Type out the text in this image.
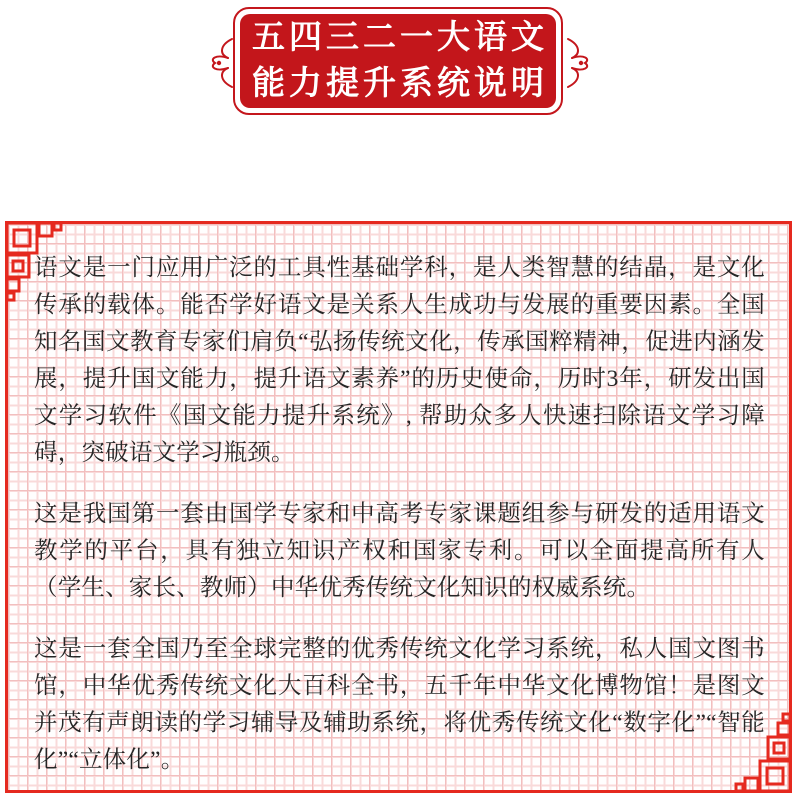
五四三二一大语文
能力提升系统说明

语文是一门应用广泛的工具性基础学科，是人类智慧的结晶，是文化传承的载体。能否学好语文是关系人生成功与发展的重要因素。全国知名国文教育专家们肩负“弘扬传统文化，传承国粹精神，促进内涵发展，提升国文能力，提升语文素养”的历史使命，历时3年，研发出国文学习软件《国文能力提升系统》, 帮助众多人快速扫除语文学习障碍，突破语文学习瓶颈。

这是我国第一套由国学专家和中高考专家课题组参与研发的适用语文教学的平台，具有独立知识产权和国家专利。可以全面提高所有人（学生、家长、教师）中华优秀传统文化知识的权威系统。

这是一套全国乃至全球完整的优秀传统文化学习系统，私人国文图书馆，中华优秀传统文化大百科全书，五千年中华文化博物馆！是图文并茂有声朗读的学习辅导及辅助系统，将优秀传统文化“数字化”“智能化”“立体化”。
